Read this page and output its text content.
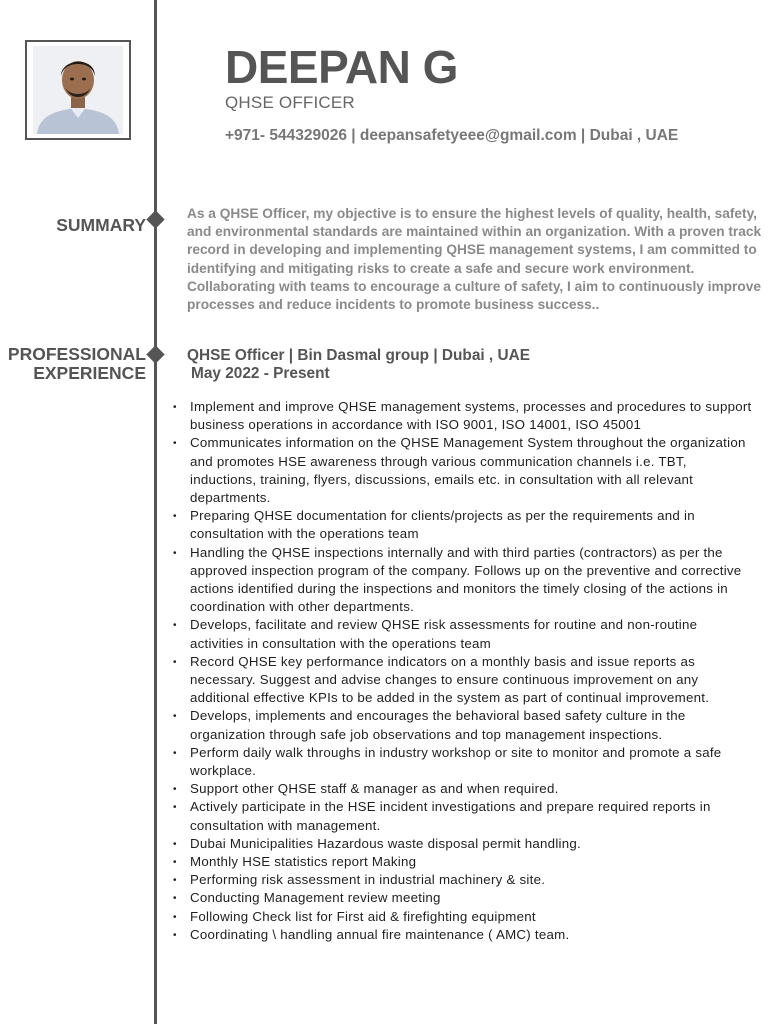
DEEPAN G
QHSE OFFICER
+971- 544329026 | deepansafetyeee@gmail.com | Dubai , UAE
SUMMARY
As a QHSE Officer, my objective is to ensure the highest levels of quality, health, safety, and environmental standards are maintained within an organization. With a proven track record in developing and implementing QHSE management systems, I am committed to identifying and mitigating risks to create a safe and secure work environment. Collaborating with teams to encourage a culture of safety, I aim to continuously improve processes and reduce incidents to promote business success..
PROFESSIONAL
EXPERIENCE
QHSE Officer | Bin Dasmal group | Dubai , UAE
May 2022 - Present
• Implement and improve QHSE management systems, processes and procedures to support business operations in accordance with ISO 9001, ISO 14001, ISO 45001
• Communicates information on the QHSE Management System throughout the organization and promotes HSE awareness through various communication channels i.e. TBT, inductions, training, flyers, discussions, emails etc. in consultation with all relevant departments.
• Preparing QHSE documentation for clients/projects as per the requirements and in consultation with the operations team
• Handling the QHSE inspections internally and with third parties (contractors) as per the approved inspection program of the company. Follows up on the preventive and corrective actions identified during the inspections and monitors the timely closing of the actions in coordination with other departments.
• Develops, facilitate and review QHSE risk assessments for routine and non-routine activities in consultation with the operations team
• Record QHSE key performance indicators on a monthly basis and issue reports as necessary. Suggest and advise changes to ensure continuous improvement on any additional effective KPIs to be added in the system as part of continual improvement.
• Develops, implements and encourages the behavioral based safety culture in the organization through safe job observations and top management inspections.
• Perform daily walk throughs in industry workshop or site to monitor and promote a safe workplace.
• Support other QHSE staff & manager as and when required.
• Actively participate in the HSE incident investigations and prepare required reports in consultation with management.
• Dubai Municipalities Hazardous waste disposal permit handling.
• Monthly HSE statistics report Making
• Performing risk assessment in industrial machinery & site.
• Conducting Management review meeting
• Following Check list for First aid & firefighting equipment
• Coordinating \ handling annual fire maintenance ( AMC) team.
